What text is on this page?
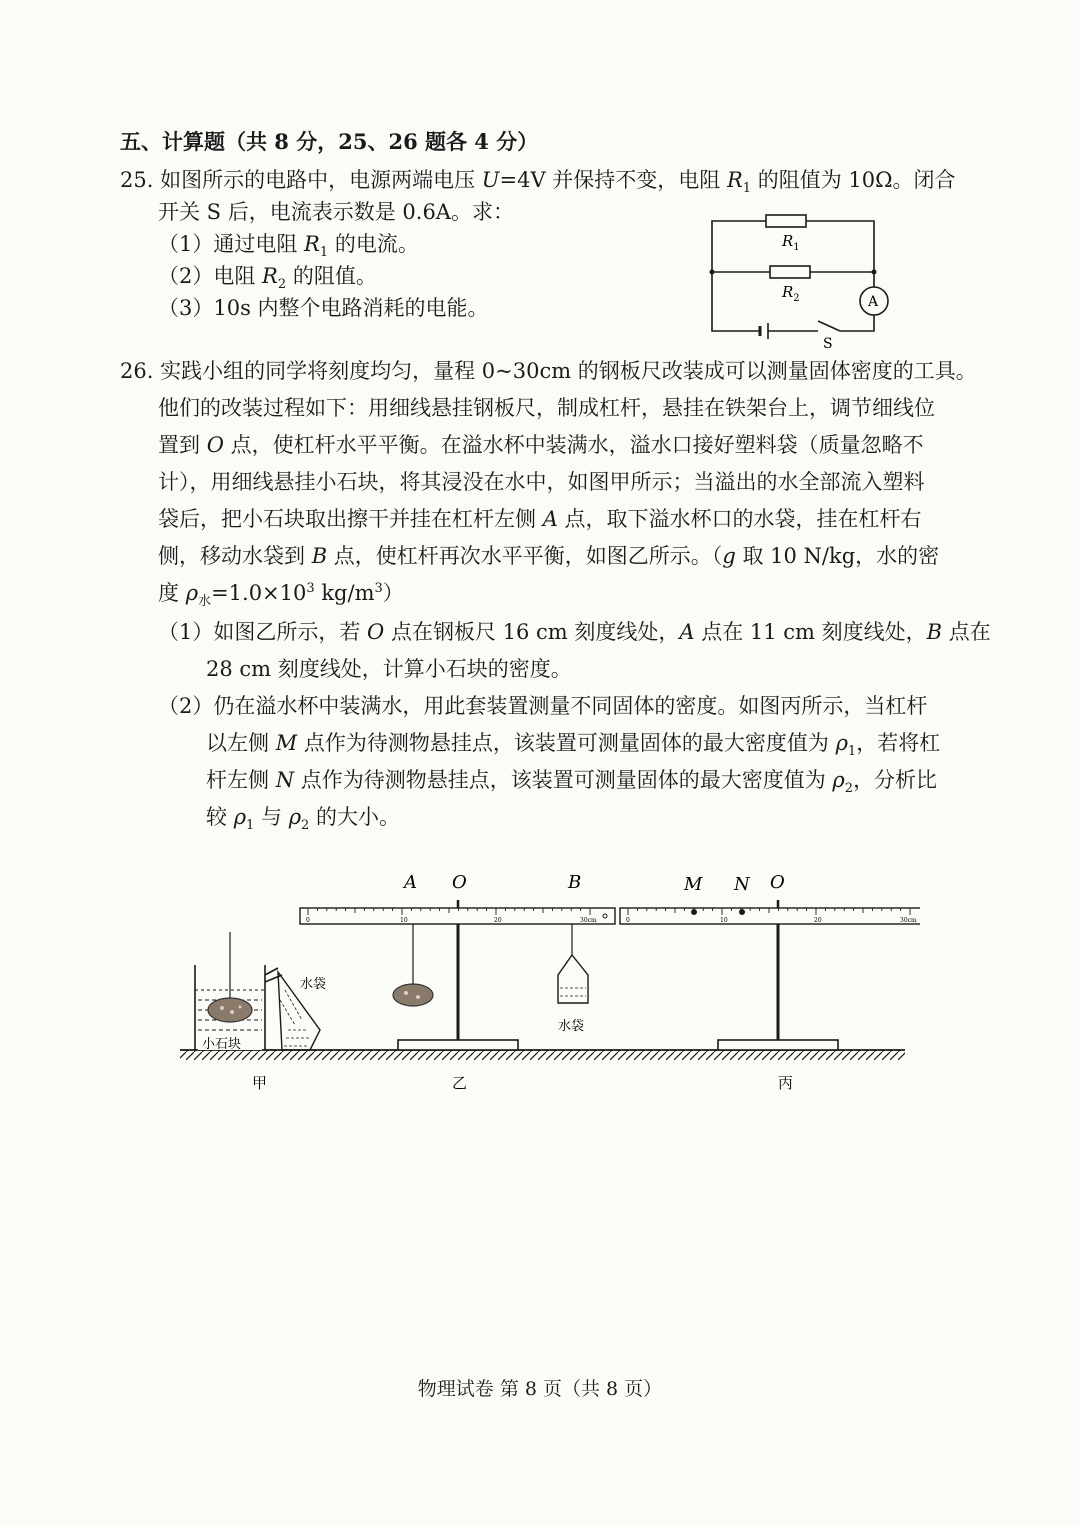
五、计算题（共 8 分，25、26 题各 4 分）
25. 如图所示的电路中，电源两端电压 U=4V 并保持不变，电阻 $R_1$ 的阻值为 10Ω。闭合
开关 S 后，电流表示数是 0.6A。求：
（1）通过电阻 $R_1$ 的电流。
（2）电阻 $R_2$ 的阻值。
（3）10s 内整个电路消耗的电能。
$R_1$
$R_2$	A
S
26. 实践小组的同学将刻度均匀，量程 0~30cm 的钢板尺改装成可以测量固体密度的工具。
他们的改装过程如下：用细线悬挂钢板尺，制成杠杆，悬挂在铁架台上，调节细线位
置到 O 点，使杠杆水平平衡。在溢水杯中装满水，溢水口接好塑料袋（质量忽略不
计），用细线悬挂小石块，将其浸没在水中，如图甲所示；当溢出的水全部流入塑料
袋后，把小石块取出擦干并挂在杠杆左侧 A 点，取下溢水杯口的水袋，挂在杠杆右
侧，移动水袋到 B 点，使杠杆再次水平平衡，如图乙所示。（g 取 10 N/kg，水的密
度 $\rho_水=1.0\times 10^3$ $kg/m^3$）
（1）如图乙所示，若 O 点在钢板尺 16 cm 刻度线处，A 点在 11 cm 刻度线处，B 点在
28 cm 刻度线处，计算小石块的密度。
（2）仍在溢水杯中装满水，用此套装置测量不同固体的密度。如图丙所示，当杠杆
以左侧 M 点作为待测物悬挂点，该装置可测量固体的最大密度值为 $\rho_1$，若将杠
杆左侧 N 点作为待测物悬挂点，该装置可测量固体的最大密度值为 $\rho_2$，分析比
较 $\rho_1$ 与 $\rho_2$ 的大小。
小石块
水袋
甲
0	10	20	30cm
水袋
A O	B
乙
0	10	20	30cm
M N O
丙
物理试卷 第 8 页（共 8 页）
